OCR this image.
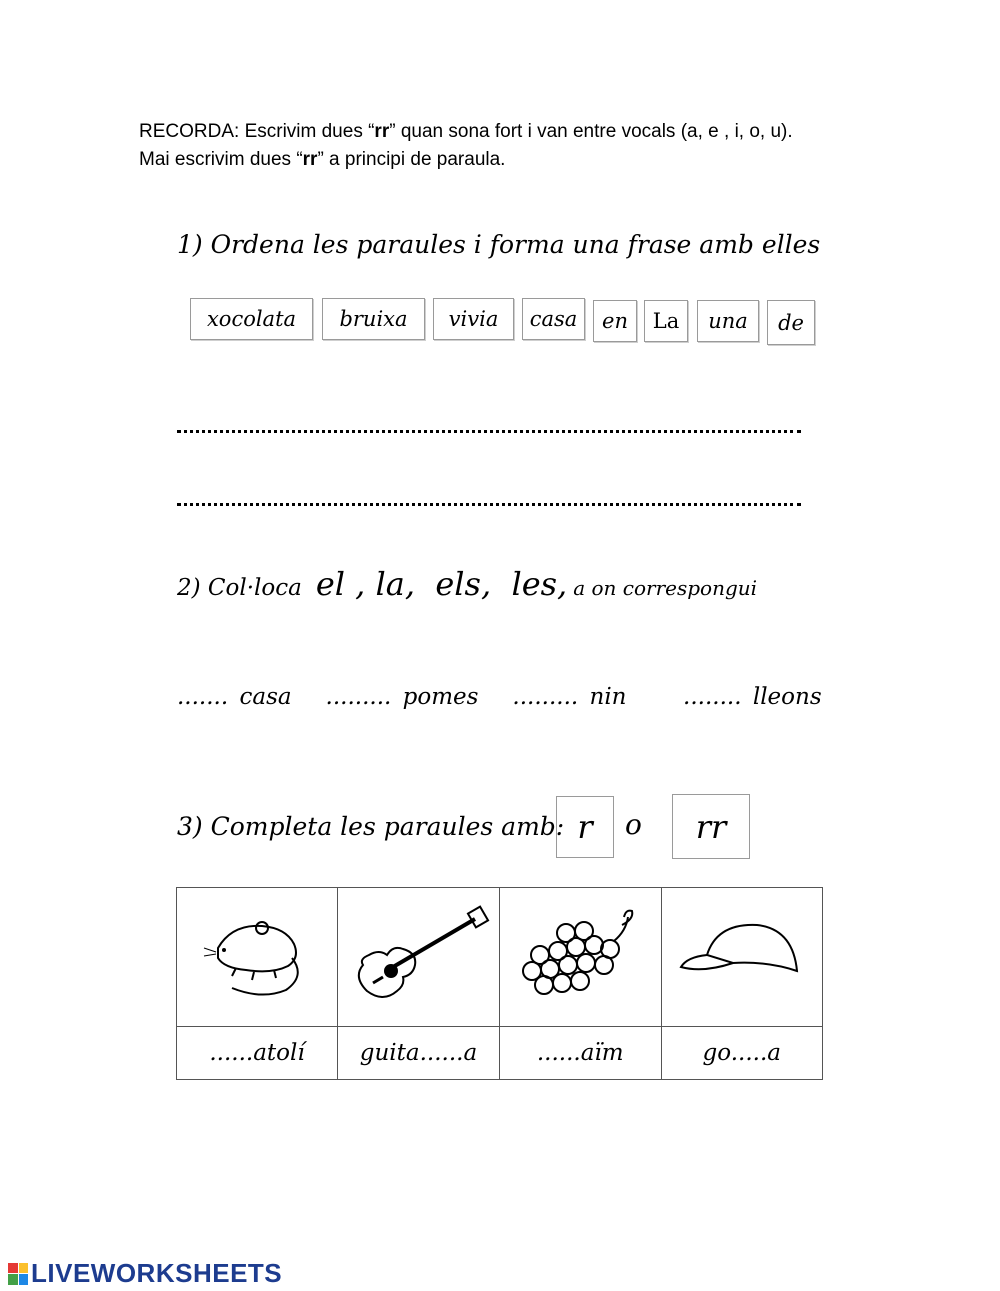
RECORDA: Escrivim dues “rr” quan sona fort i van entre vocals (a, e , i, o, u).
Mai escrivim dues “rr” a principi de paraula.
1) Ordena les paraules i forma una frase amb elles
xocolata	bruixa	vivia	casa	en	La	una	de
2) Col·loca el , la,  els,  les, a on correspongui
....... casa ......... pomes ......... nin ........ lleons
3) Completa les paraules amb: r	o	rr

......atolí	guita......a	......aïm	go.....a
LIVEWORKSHEETS
